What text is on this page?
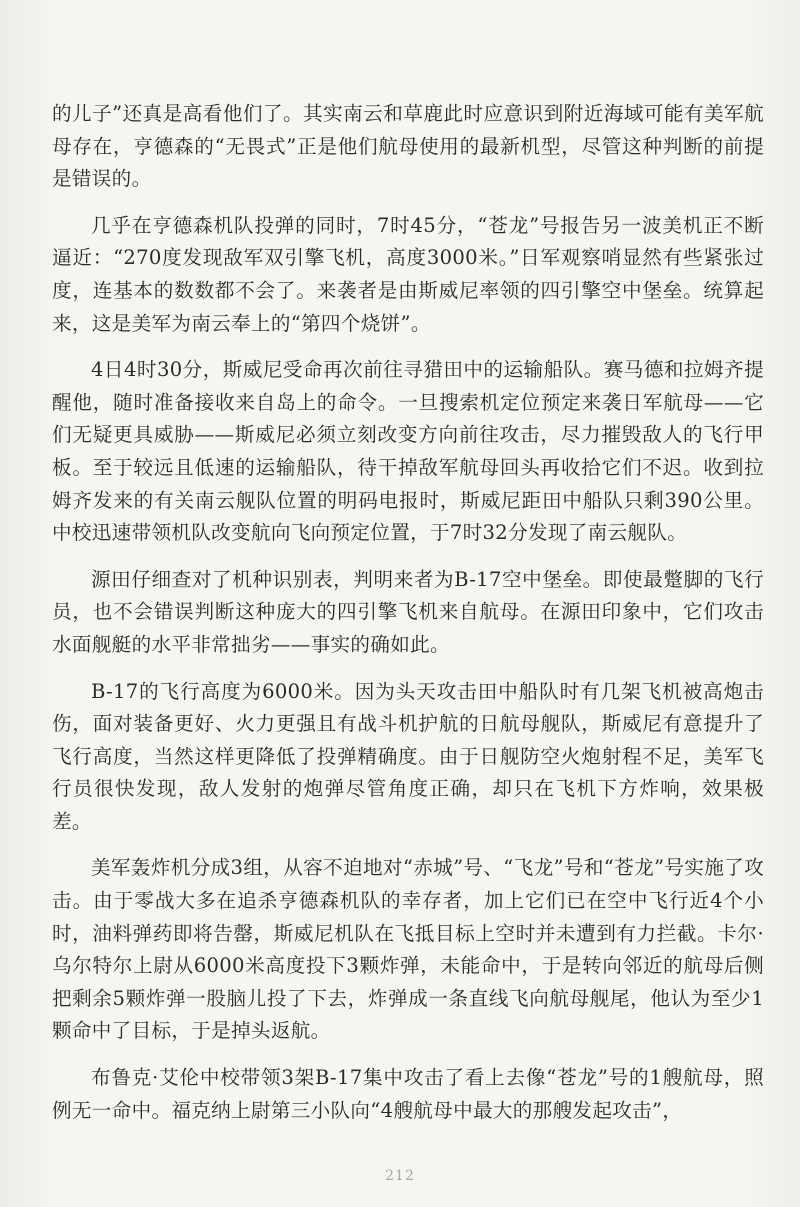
的儿子”还真是高看他们了。其实南云和草鹿此时应意识到附近海域可能有美军航母存在，亨德森的“无畏式”正是他们航母使用的最新机型，尽管这种判断的前提是错误的。

几乎在亨德森机队投弹的同时，7时45分，“苍龙”号报告另一波美机正不断逼近：“270度发现敌军双引擎飞机，高度3000米。”日军观察哨显然有些紧张过度，连基本的数数都不会了。来袭者是由斯威尼率领的四引擎空中堡垒。统算起来，这是美军为南云奉上的“第四个烧饼”。

4日4时30分，斯威尼受命再次前往寻猎田中的运输船队。赛马德和拉姆齐提醒他，随时准备接收来自岛上的命令。一旦搜索机定位预定来袭日军航母——它们无疑更具威胁——斯威尼必须立刻改变方向前往攻击，尽力摧毁敌人的飞行甲板。至于较远且低速的运输船队，待干掉敌军航母回头再收拾它们不迟。收到拉姆齐发来的有关南云舰队位置的明码电报时，斯威尼距田中船队只剩390公里。中校迅速带领机队改变航向飞向预定位置，于7时32分发现了南云舰队。

源田仔细查对了机种识别表，判明来者为B-17空中堡垒。即使最蹩脚的飞行员，也不会错误判断这种庞大的四引擎飞机来自航母。在源田印象中，它们攻击水面舰艇的水平非常拙劣——事实的确如此。

B-17的飞行高度为6000米。因为头天攻击田中船队时有几架飞机被高炮击伤，面对装备更好、火力更强且有战斗机护航的日航母舰队，斯威尼有意提升了飞行高度，当然这样更降低了投弹精确度。由于日舰防空火炮射程不足，美军飞行员很快发现，敌人发射的炮弹尽管角度正确，却只在飞机下方炸响，效果极差。

美军轰炸机分成3组，从容不迫地对“赤城”号、“飞龙”号和“苍龙”号实施了攻击。由于零战大多在追杀亨德森机队的幸存者，加上它们已在空中飞行近4个小时，油料弹药即将告罄，斯威尼机队在飞抵目标上空时并未遭到有力拦截。卡尔·乌尔特尔上尉从6000米高度投下3颗炸弹，未能命中，于是转向邻近的航母后侧把剩余5颗炸弹一股脑儿投了下去，炸弹成一条直线飞向航母舰尾，他认为至少1颗命中了目标，于是掉头返航。

布鲁克·艾伦中校带领3架B-17集中攻击了看上去像“苍龙”号的1艘航母，照例无一命中。福克纳上尉第三小队向“4艘航母中最大的那艘发起攻击”，

212
